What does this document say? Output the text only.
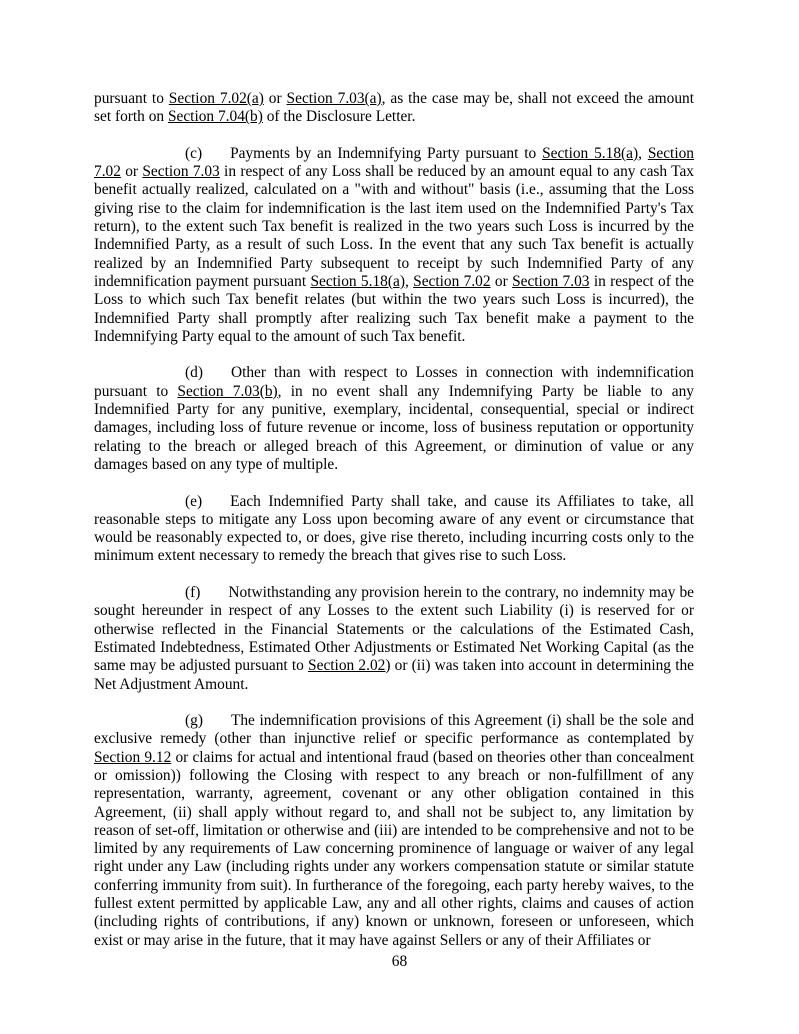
pursuant to Section 7.02(a) or Section 7.03(a), as the case may be, shall not exceed the amount set forth on Section 7.04(b) of the Disclosure Letter.
(c) Payments by an Indemnifying Party pursuant to Section 5.18(a), Section 7.02 or Section 7.03 in respect of any Loss shall be reduced by an amount equal to any cash Tax benefit actually realized, calculated on a "with and without" basis (i.e., assuming that the Loss giving rise to the claim for indemnification is the last item used on the Indemnified Party's Tax return), to the extent such Tax benefit is realized in the two years such Loss is incurred by the Indemnified Party, as a result of such Loss. In the event that any such Tax benefit is actually realized by an Indemnified Party subsequent to receipt by such Indemnified Party of any indemnification payment pursuant Section 5.18(a), Section 7.02 or Section 7.03 in respect of the Loss to which such Tax benefit relates (but within the two years such Loss is incurred), the Indemnified Party shall promptly after realizing such Tax benefit make a payment to the Indemnifying Party equal to the amount of such Tax benefit.
(d) Other than with respect to Losses in connection with indemnification pursuant to Section 7.03(b), in no event shall any Indemnifying Party be liable to any Indemnified Party for any punitive, exemplary, incidental, consequential, special or indirect damages, including loss of future revenue or income, loss of business reputation or opportunity relating to the breach or alleged breach of this Agreement, or diminution of value or any damages based on any type of multiple.
(e) Each Indemnified Party shall take, and cause its Affiliates to take, all reasonable steps to mitigate any Loss upon becoming aware of any event or circumstance that would be reasonably expected to, or does, give rise thereto, including incurring costs only to the minimum extent necessary to remedy the breach that gives rise to such Loss.
(f) Notwithstanding any provision herein to the contrary, no indemnity may be sought hereunder in respect of any Losses to the extent such Liability (i) is reserved for or otherwise reflected in the Financial Statements or the calculations of the Estimated Cash, Estimated Indebtedness, Estimated Other Adjustments or Estimated Net Working Capital (as the same may be adjusted pursuant to Section 2.02) or (ii) was taken into account in determining the Net Adjustment Amount.
(g) The indemnification provisions of this Agreement (i) shall be the sole and exclusive remedy (other than injunctive relief or specific performance as contemplated by Section 9.12 or claims for actual and intentional fraud (based on theories other than concealment or omission)) following the Closing with respect to any breach or non-fulfillment of any representation, warranty, agreement, covenant or any other obligation contained in this Agreement, (ii) shall apply without regard to, and shall not be subject to, any limitation by reason of set-off, limitation or otherwise and (iii) are intended to be comprehensive and not to be limited by any requirements of Law concerning prominence of language or waiver of any legal right under any Law (including rights under any workers compensation statute or similar statute conferring immunity from suit). In furtherance of the foregoing, each party hereby waives, to the fullest extent permitted by applicable Law, any and all other rights, claims and causes of action (including rights of contributions, if any) known or unknown, foreseen or unforeseen, which exist or may arise in the future, that it may have against Sellers or any of their Affiliates or
68
